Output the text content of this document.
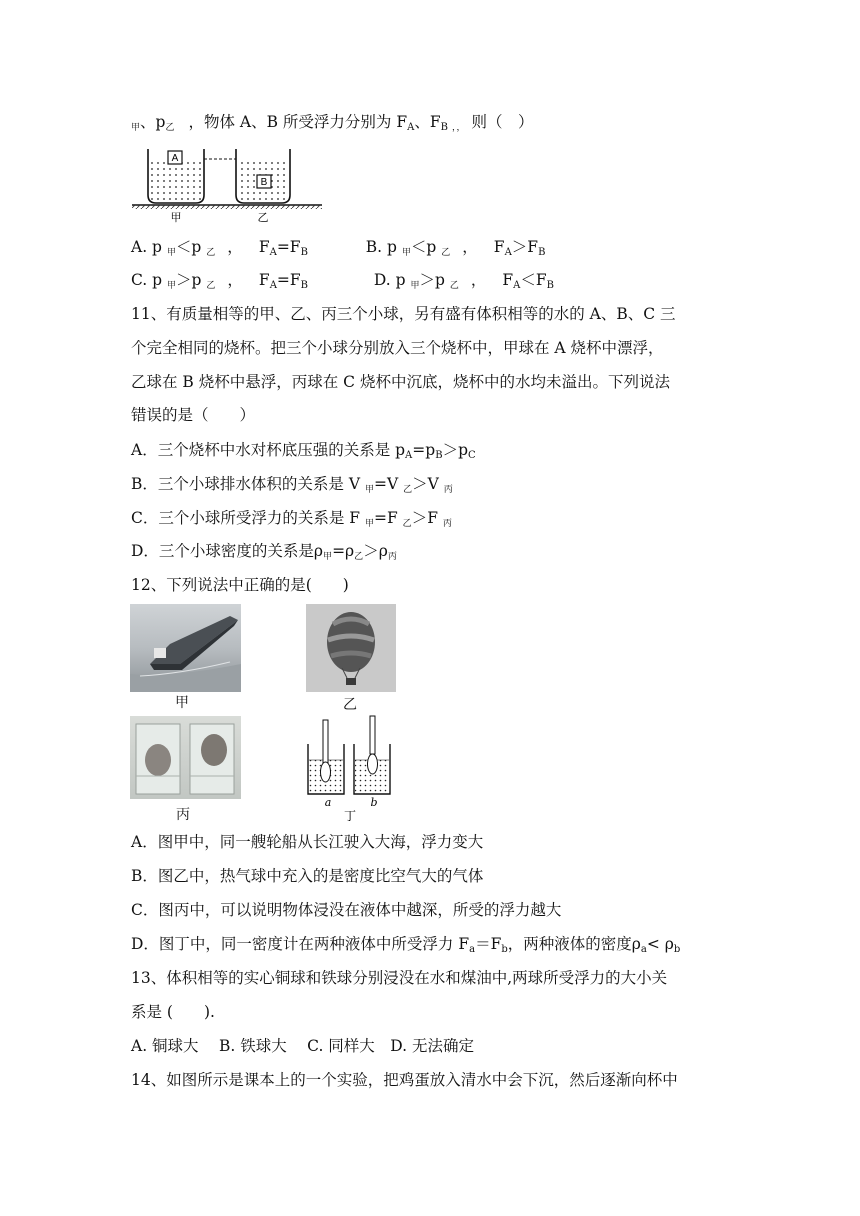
$_甲$、$p_乙$ ，物体 A、B 所受浮力分别为 FA、FB $_{,,}$ 则（　）
A
B
甲	乙
A. p $_甲$＜p $_乙$ ， FA=FB	B. p $_甲$＜p $_乙$ ， FA＞FB
C. p $_甲$＞p $_乙$ ， FA=FB	D. p $_甲$＞p $_乙$ ， FA＜FB
11、有质量相等的甲、乙、丙三个小球，另有盛有体积相等的水的 A、B、C 三
个完全相同的烧杯。把三个小球分别放入三个烧杯中，甲球在 A 烧杯中漂浮，
乙球在 B 烧杯中悬浮，丙球在 C 烧杯中沉底，烧杯中的水均未溢出。下列说法
错误的是（　　）
A．三个烧杯中水对杯底压强的关系是 pA=pB＞pC
B．三个小球排水体积的关系是 V $_甲$=V $_乙$＞V $_丙$
C．三个小球所受浮力的关系是 F $_甲$=F $_乙$＞F $_丙$
D．三个小球密度的关系是$\rho_甲=\rho_乙>\rho_丙$
12、下列说法中正确的是(　　)
甲	乙
丙
a	b
丁
A．图甲中，同一艘轮船从长江驶入大海，浮力变大
B．图乙中，热气球中充入的是密度比空气大的气体
C．图丙中，可以说明物体浸没在液体中越深，所受的浮力越大
D．图丁中，同一密度计在两种液体中所受浮力 Fa＝Fb，两种液体的密度ρa< ρb
13、体积相等的实心铜球和铁球分别浸没在水和煤油中,两球所受浮力的大小关
系是 (　　).
A. 铜球大　 B. 铁球大　 C. 同样大　D. 无法确定
14、如图所示是课本上的一个实验，把鸡蛋放入清水中会下沉，然后逐渐向杯中
